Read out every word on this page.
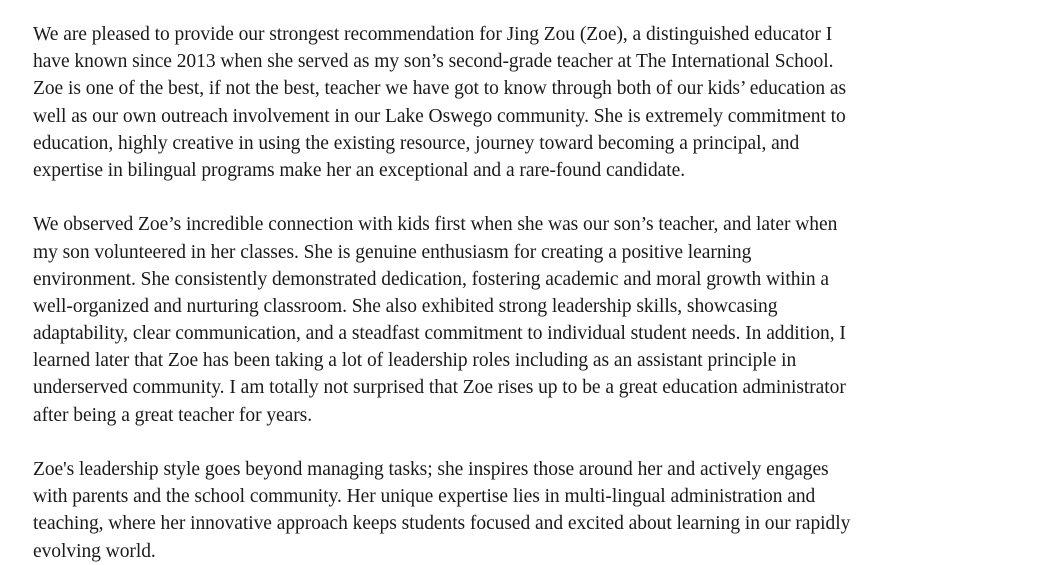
We are pleased to provide our strongest recommendation for Jing Zou (Zoe), a distinguished educator I
have known since 2013 when she served as my son’s second-grade teacher at The International School.
Zoe is one of the best, if not the best, teacher we have got to know through both of our kids’ education as
well as our own outreach involvement in our Lake Oswego community. She is extremely commitment to
education, highly creative in using the existing resource, journey toward becoming a principal, and
expertise in bilingual programs make her an exceptional and a rare-found candidate.
We observed Zoe’s incredible connection with kids first when she was our son’s teacher, and later when
my son volunteered in her classes. She is genuine enthusiasm for creating a positive learning
environment. She consistently demonstrated dedication, fostering academic and moral growth within a
well-organized and nurturing classroom. She also exhibited strong leadership skills, showcasing
adaptability, clear communication, and a steadfast commitment to individual student needs. In addition, I
learned later that Zoe has been taking a lot of leadership roles including as an assistant principle in
underserved community. I am totally not surprised that Zoe rises up to be a great education administrator
after being a great teacher for years.
Zoe's leadership style goes beyond managing tasks; she inspires those around her and actively engages
with parents and the school community. Her unique expertise lies in multi-lingual administration and
teaching, where her innovative approach keeps students focused and excited about learning in our rapidly
evolving world.
